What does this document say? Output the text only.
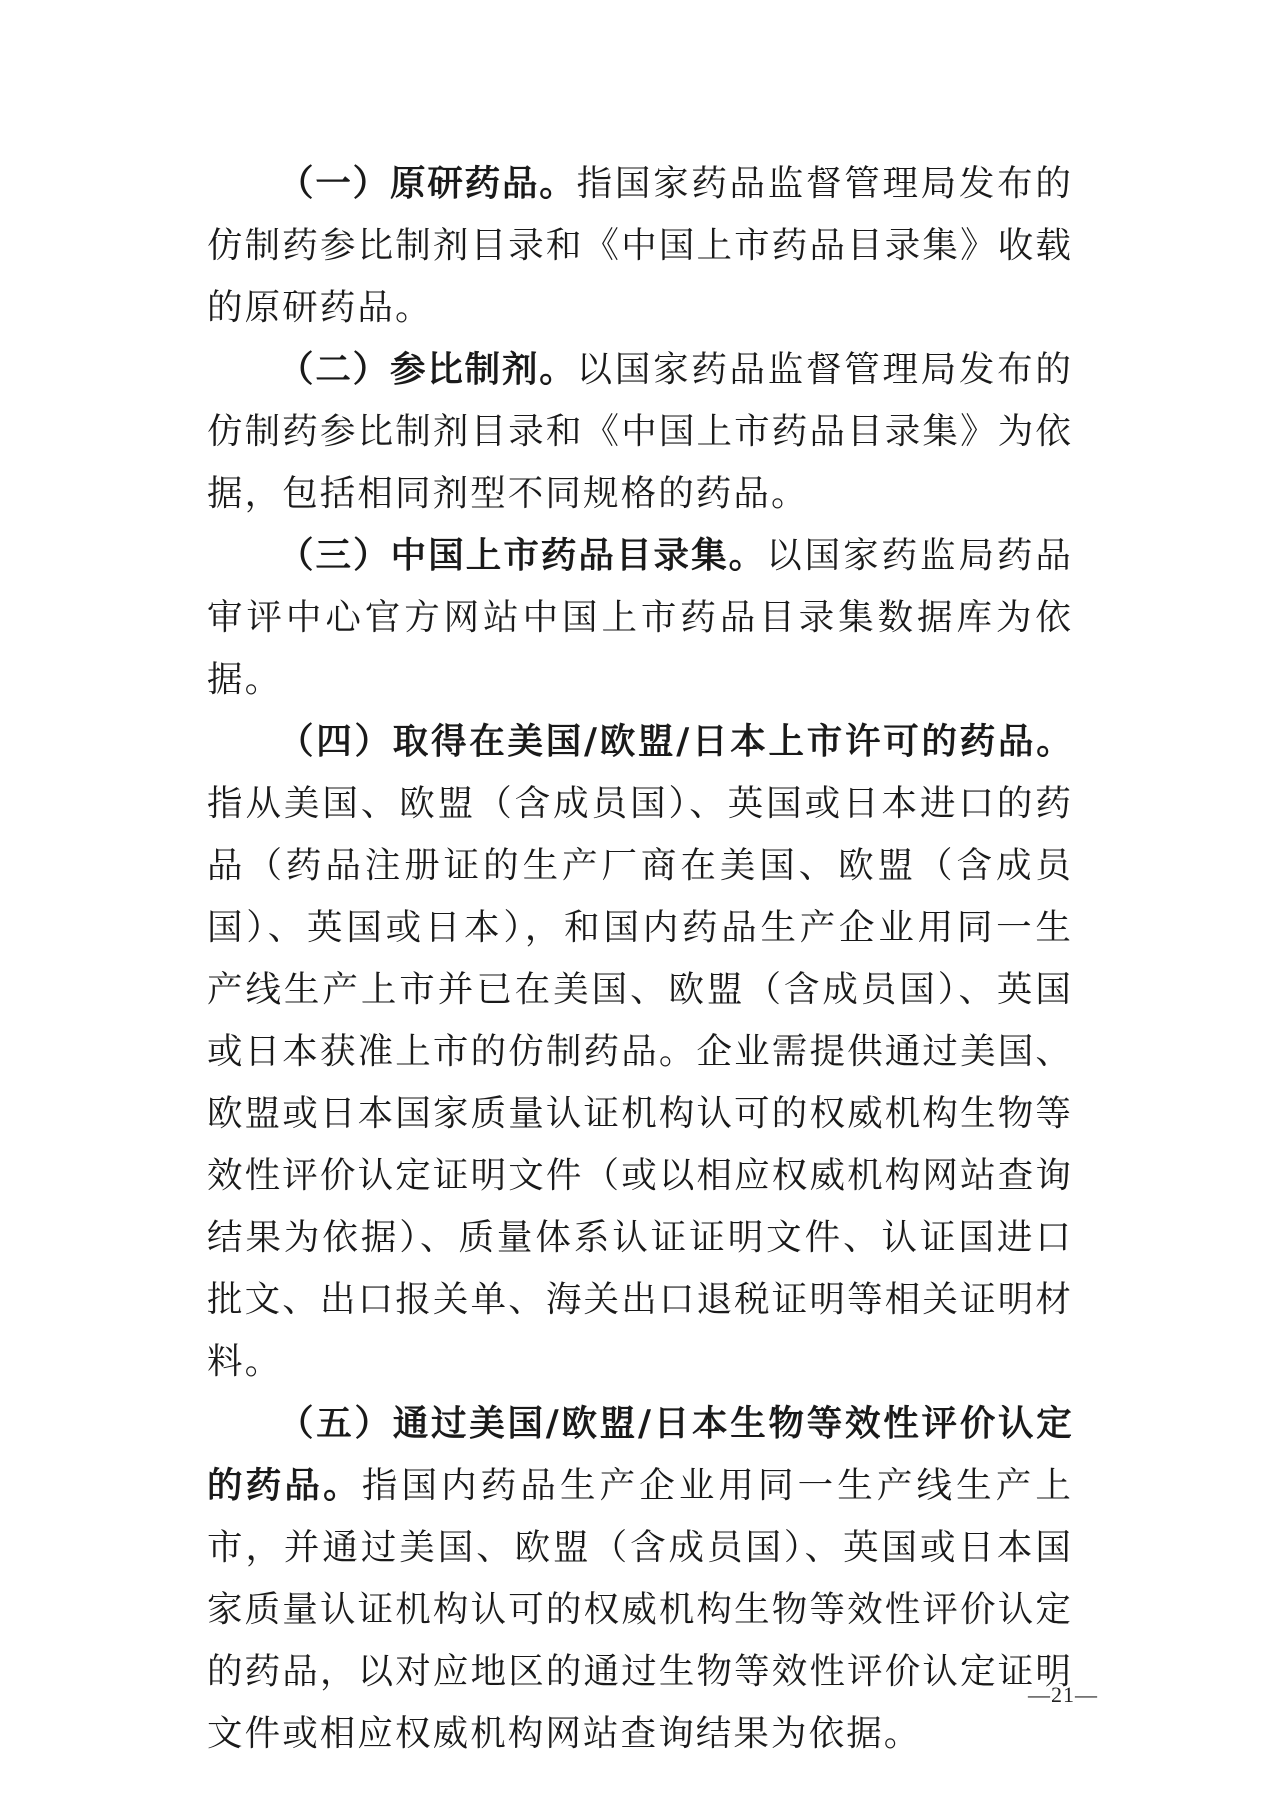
（一）原研药品。指国家药品监督管理局发布的仿制药参比制剂目录和《中国上市药品目录集》收载的原研药品。

（二）参比制剂。以国家药品监督管理局发布的仿制药参比制剂目录和《中国上市药品目录集》为依据，包括相同剂型不同规格的药品。

（三）中国上市药品目录集。以国家药监局药品审评中心官方网站中国上市药品目录集数据库为依据。

（四）取得在美国/欧盟/日本上市许可的药品。指从美国、欧盟（含成员国）、英国或日本进口的药品（药品注册证的生产厂商在美国、欧盟（含成员国）、英国或日本），和国内药品生产企业用同一生产线生产上市并已在美国、欧盟（含成员国）、英国或日本获准上市的仿制药品。企业需提供通过美国、欧盟或日本国家质量认证机构认可的权威机构生物等效性评价认定证明文件（或以相应权威机构网站查询结果为依据）、质量体系认证证明文件、认证国进口批文、出口报关单、海关出口退税证明等相关证明材料。

（五）通过美国/欧盟/日本生物等效性评价认定的药品。指国内药品生产企业用同一生产线生产上市，并通过美国、欧盟（含成员国）、英国或日本国家质量认证机构认可的权威机构生物等效性评价认定的药品，以对应地区的通过生物等效性评价认定证明文件或相应权威机构网站查询结果为依据。

—21—
